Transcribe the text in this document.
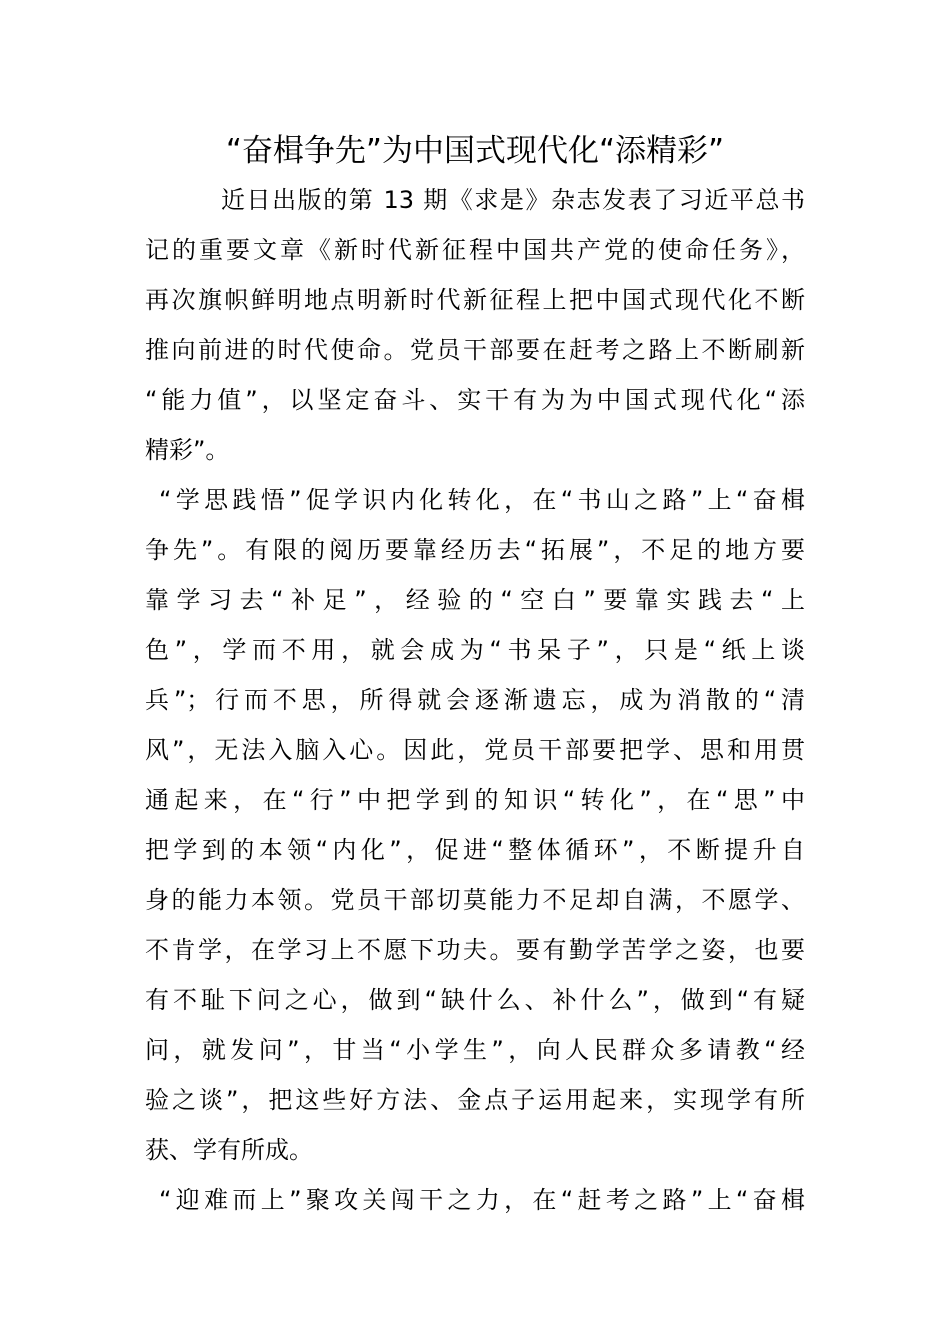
“奋楫争先”为中国式现代化“添精彩”
近日出版的第 13 期《求是》杂志发表了习近平总书
记的重要文章《新时代新征程中国共产党的使命任务》，
再次旗帜鲜明地点明新时代新征程上把中国式现代化不断
推向前进的时代使命。党员干部要在赶考之路上不断刷新
“能力值”，以坚定奋斗、实干有为为中国式现代化“添
精彩”。
“学思践悟”促学识内化转化，在“书山之路”上“奋楫
争先”。有限的阅历要靠经历去“拓展”，不足的地方要
靠学习去“补足”，经验的“空白”要靠实践去“上
色”，学而不用，就会成为“书呆子”，只是“纸上谈
兵”；行而不思，所得就会逐渐遗忘，成为消散的“清
风”，无法入脑入心。因此，党员干部要把学、思和用贯
通起来，在“行”中把学到的知识“转化”，在“思”中
把学到的本领“内化”，促进“整体循环”，不断提升自
身的能力本领。党员干部切莫能力不足却自满，不愿学、
不肯学，在学习上不愿下功夫。要有勤学苦学之姿，也要
有不耻下问之心，做到“缺什么、补什么”，做到“有疑
问，就发问”，甘当“小学生”，向人民群众多请教“经
验之谈”，把这些好方法、金点子运用起来，实现学有所
获、学有所成。
“迎难而上”聚攻关闯干之力，在“赶考之路”上“奋楫
